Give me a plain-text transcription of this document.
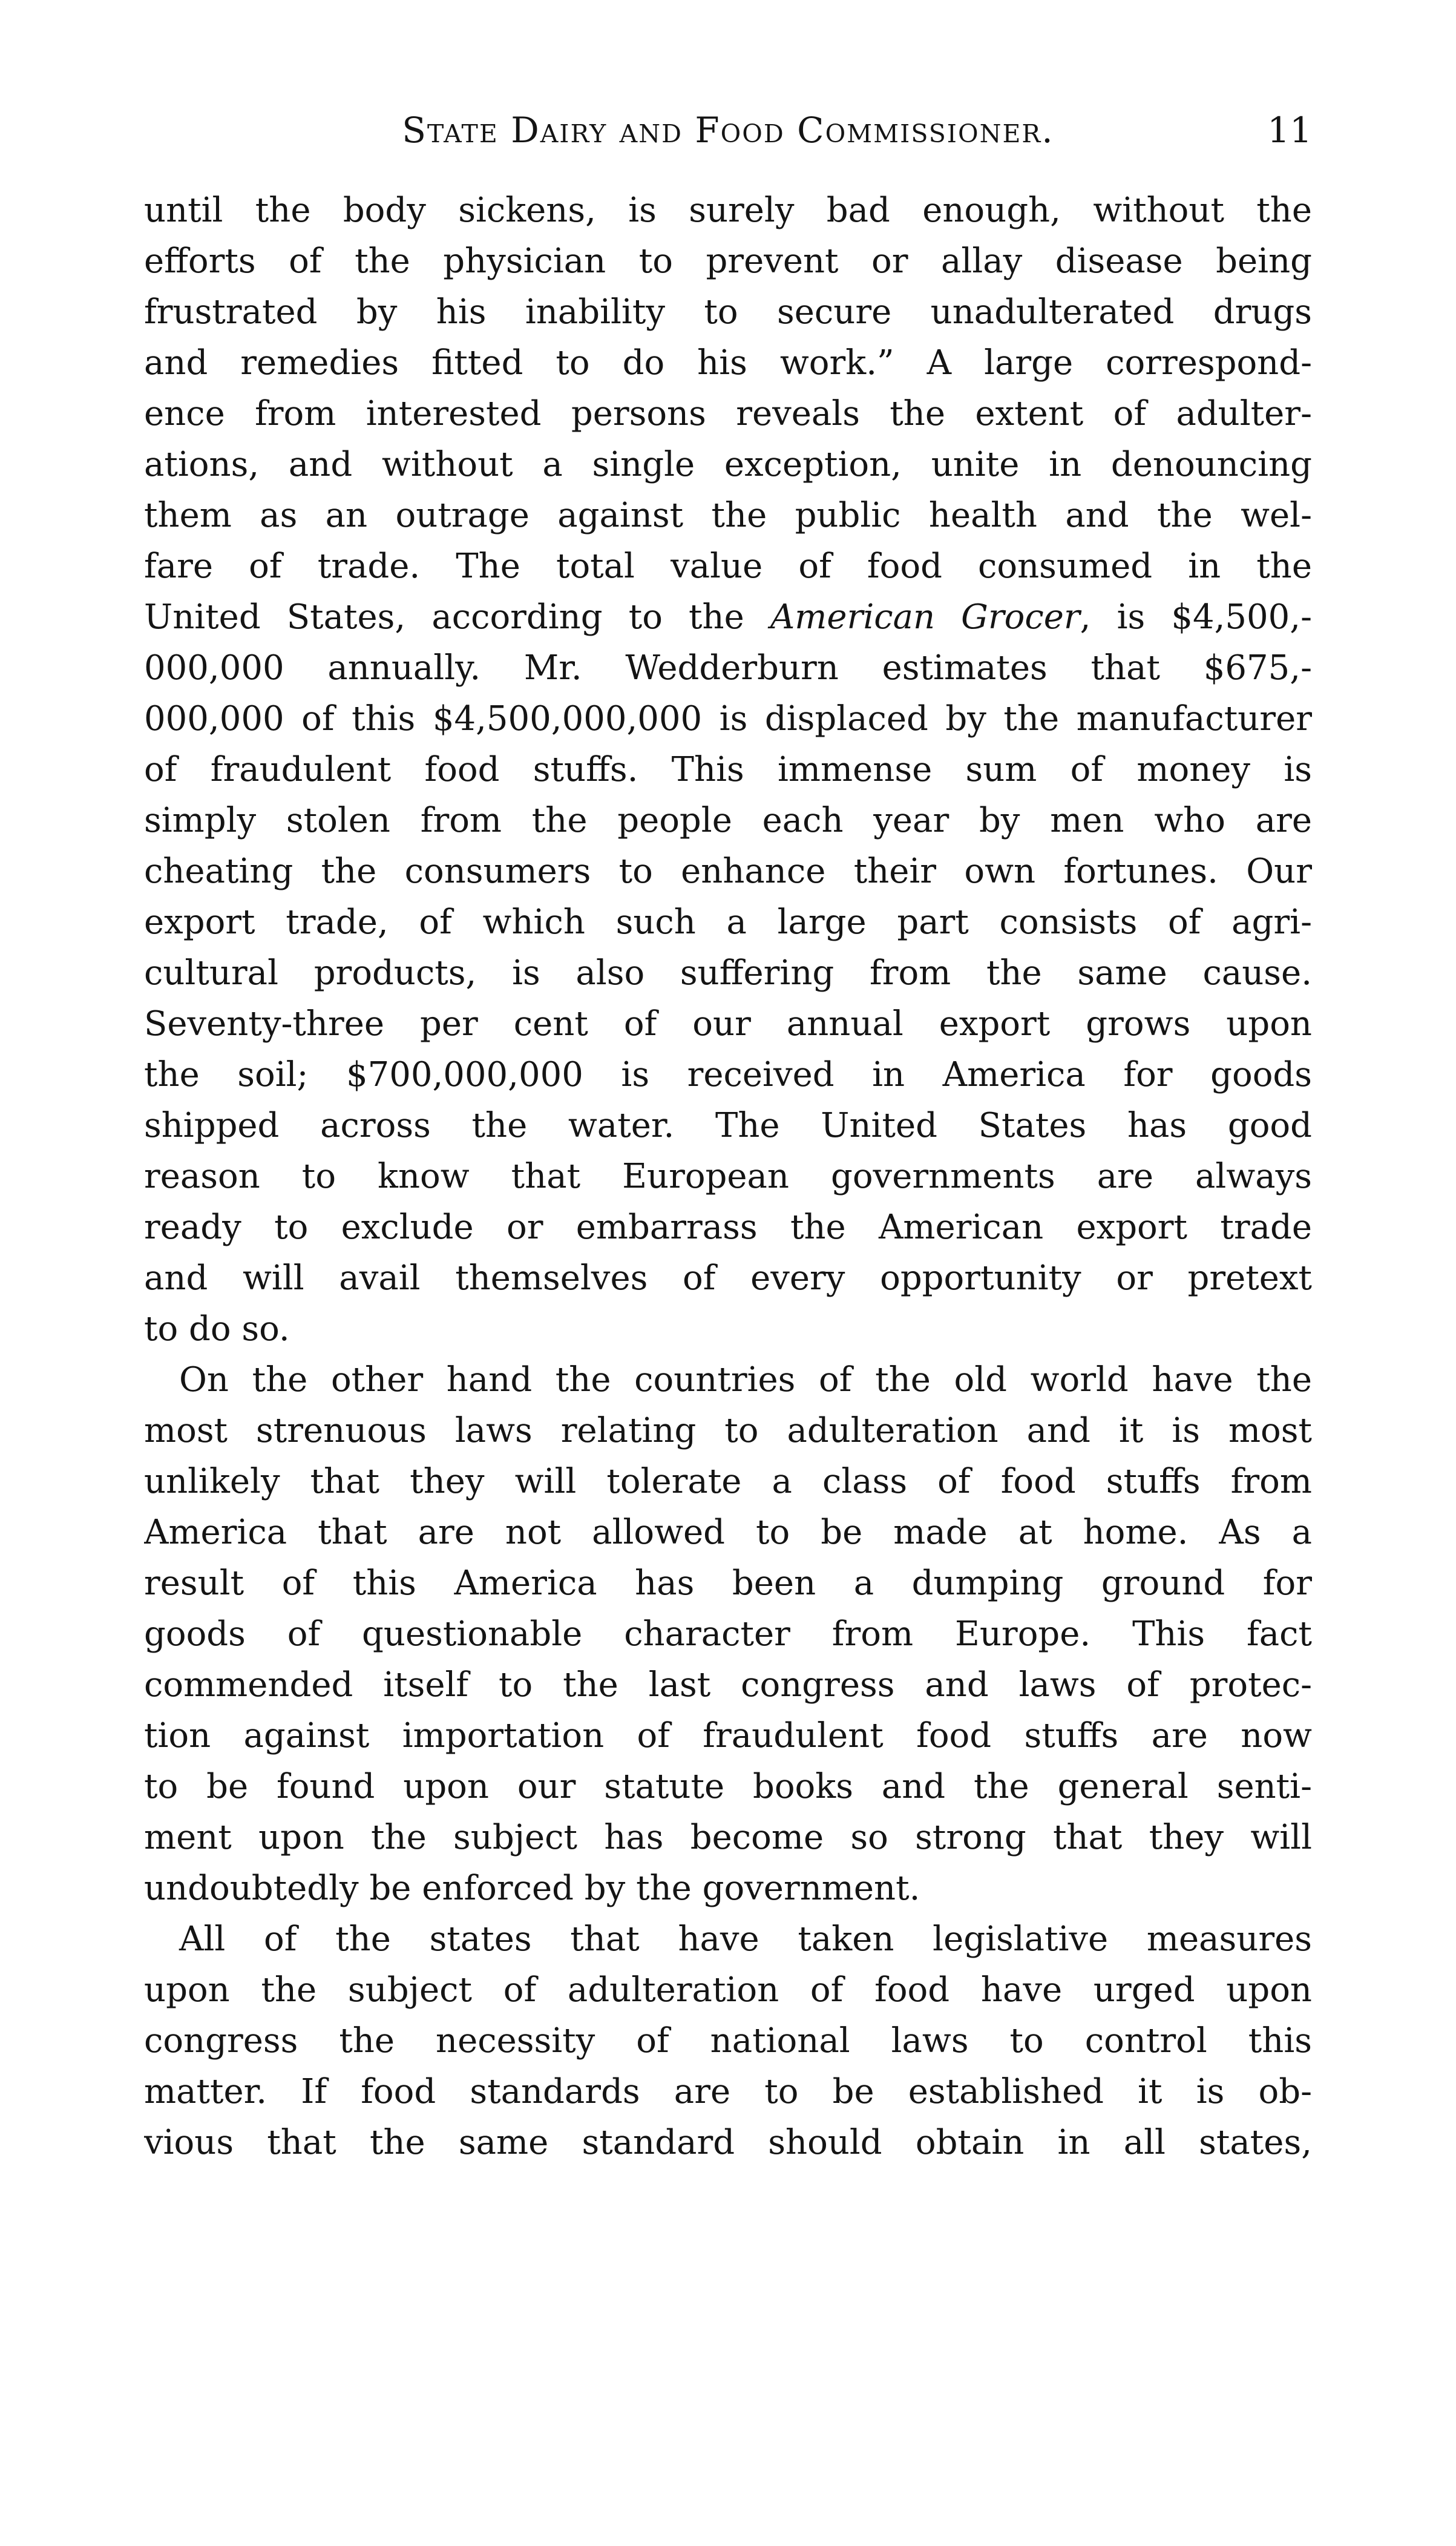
State Dairy and Food Commissioner.	11
until the body sickens, is surely bad enough, without the
efforts of the physician to prevent or allay disease being
frustrated by his inability to secure unadulterated drugs
and remedies fitted to do his work.” A large correspond-
ence from interested persons reveals the extent of adulter-
ations, and without a single exception, unite in denouncing
them as an outrage against the public health and the wel-
fare of trade. The total value of food consumed in the
United States, according to the American Grocer, is $4,500,-
000,000 annually. Mr. Wedderburn estimates that $675,-
000,000 of this $4,500,000,000 is displaced by the manufacturer
of fraudulent food stuffs. This immense sum of money is
simply stolen from the people each year by men who are
cheating the consumers to enhance their own fortunes. Our
export trade, of which such a large part consists of agri-
cultural products, is also suffering from the same cause.
Seventy-three per cent of our annual export grows upon
the soil; $700,000,000 is received in America for goods
shipped across the water. The United States has good
reason to know that European governments are always
ready to exclude or embarrass the American export trade
and will avail themselves of every opportunity or pretext
to do so.
On the other hand the countries of the old world have the
most strenuous laws relating to adulteration and it is most
unlikely that they will tolerate a class of food stuffs from
America that are not allowed to be made at home. As a
result of this America has been a dumping ground for
goods of questionable character from Europe. This fact
commended itself to the last congress and laws of protec-
tion against importation of fraudulent food stuffs are now
to be found upon our statute books and the general senti-
ment upon the subject has become so strong that they will
undoubtedly be enforced by the government.
All of the states that have taken legislative measures
upon the subject of adulteration of food have urged upon
congress the necessity of national laws to control this
matter. If food standards are to be established it is ob-
vious that the same standard should obtain in all states,
